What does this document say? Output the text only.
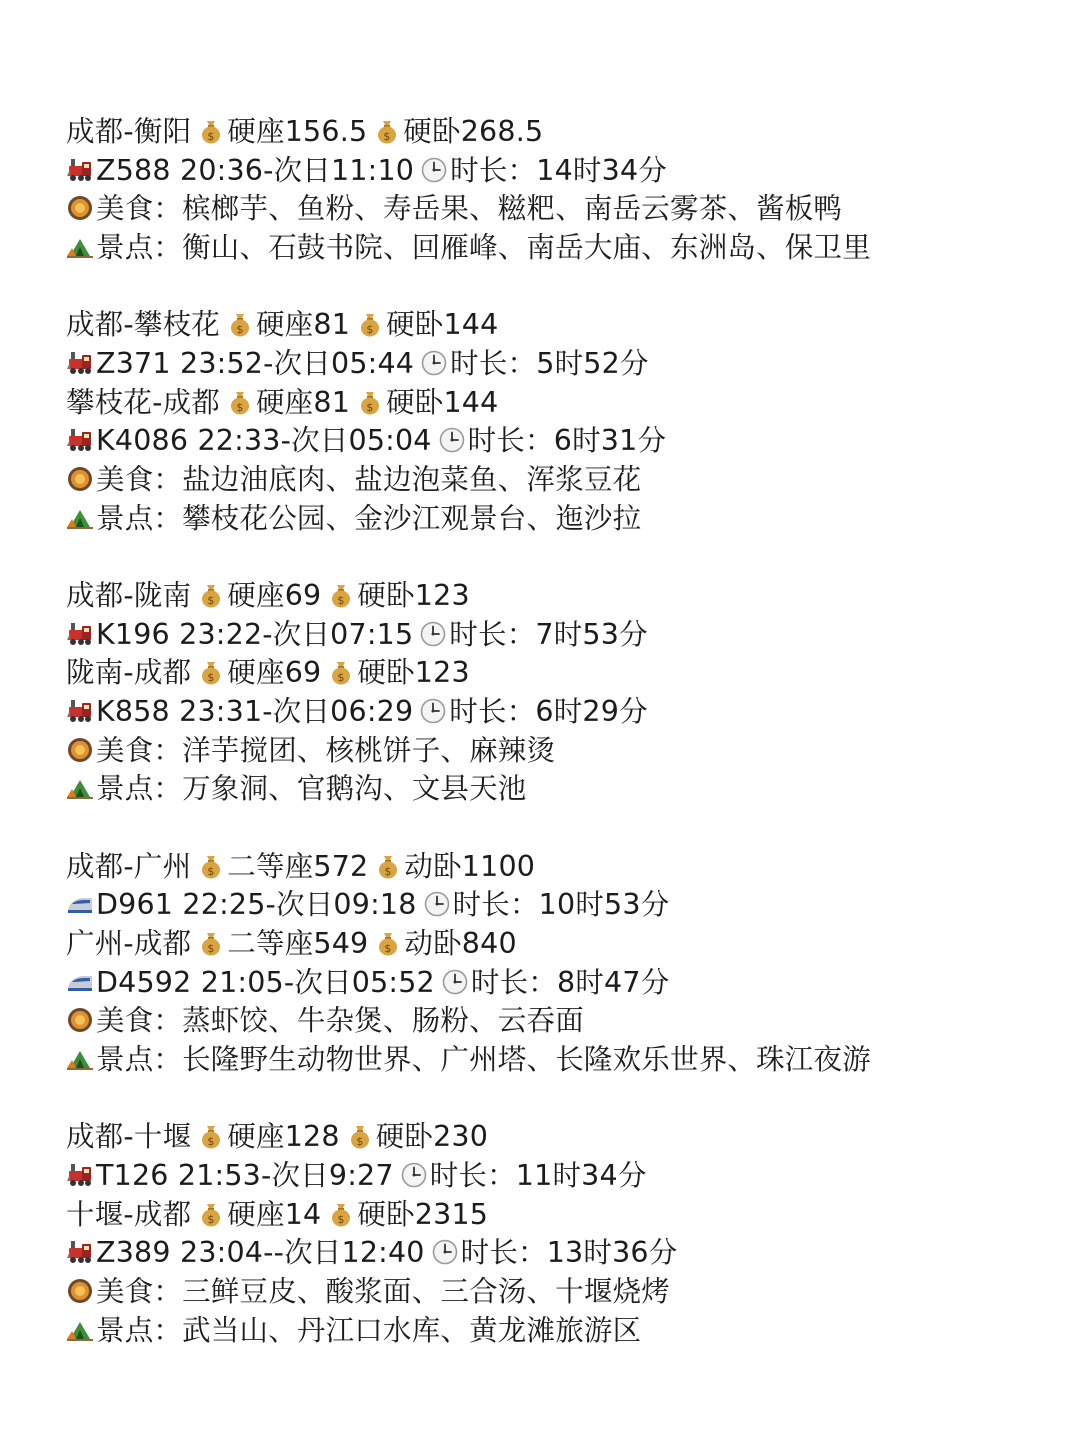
成都-衡阳 $ 硬座156.5 $ 硬卧268.5
Z588 20:36-次日11:10 时长：14时34分
美食：槟榔芋、鱼粉、寿岳果、糍粑、南岳云雾茶、酱板鸭
景点：衡山、石鼓书院、回雁峰、南岳大庙、东洲岛、保卫里
成都-攀枝花 $ 硬座81 $ 硬卧144
Z371 23:52-次日05:44 时长：5时52分
攀枝花-成都 $ 硬座81 $ 硬卧144
K4086 22:33-次日05:04 时长：6时31分
美食：盐边油底肉、盐边泡菜鱼、浑浆豆花
景点：攀枝花公园、金沙江观景台、迤沙拉
成都-陇南 $ 硬座69 $ 硬卧123
K196 23:22-次日07:15 时长：7时53分
陇南-成都 $ 硬座69 $ 硬卧123
K858 23:31-次日06:29 时长：6时29分
美食：洋芋搅团、核桃饼子、麻辣烫
景点：万象洞、官鹅沟、文县天池
成都-广州 $ 二等座572 $ 动卧1100
D961 22:25-次日09:18 时长：10时53分
广州-成都 $ 二等座549 $ 动卧840
D4592 21:05-次日05:52 时长：8时47分
美食：蒸虾饺、牛杂煲、肠粉、云吞面
景点：长隆野生动物世界、广州塔、长隆欢乐世界、珠江夜游
成都-十堰 $ 硬座128 $ 硬卧230
T126 21:53-次日9:27 时长：11时34分
十堰-成都 $ 硬座14 $ 硬卧2315
Z389 23:04--次日12:40 时长：13时36分
美食：三鲜豆皮、酸浆面、三合汤、十堰烧烤
景点：武当山、丹江口水库、黄龙滩旅游区
